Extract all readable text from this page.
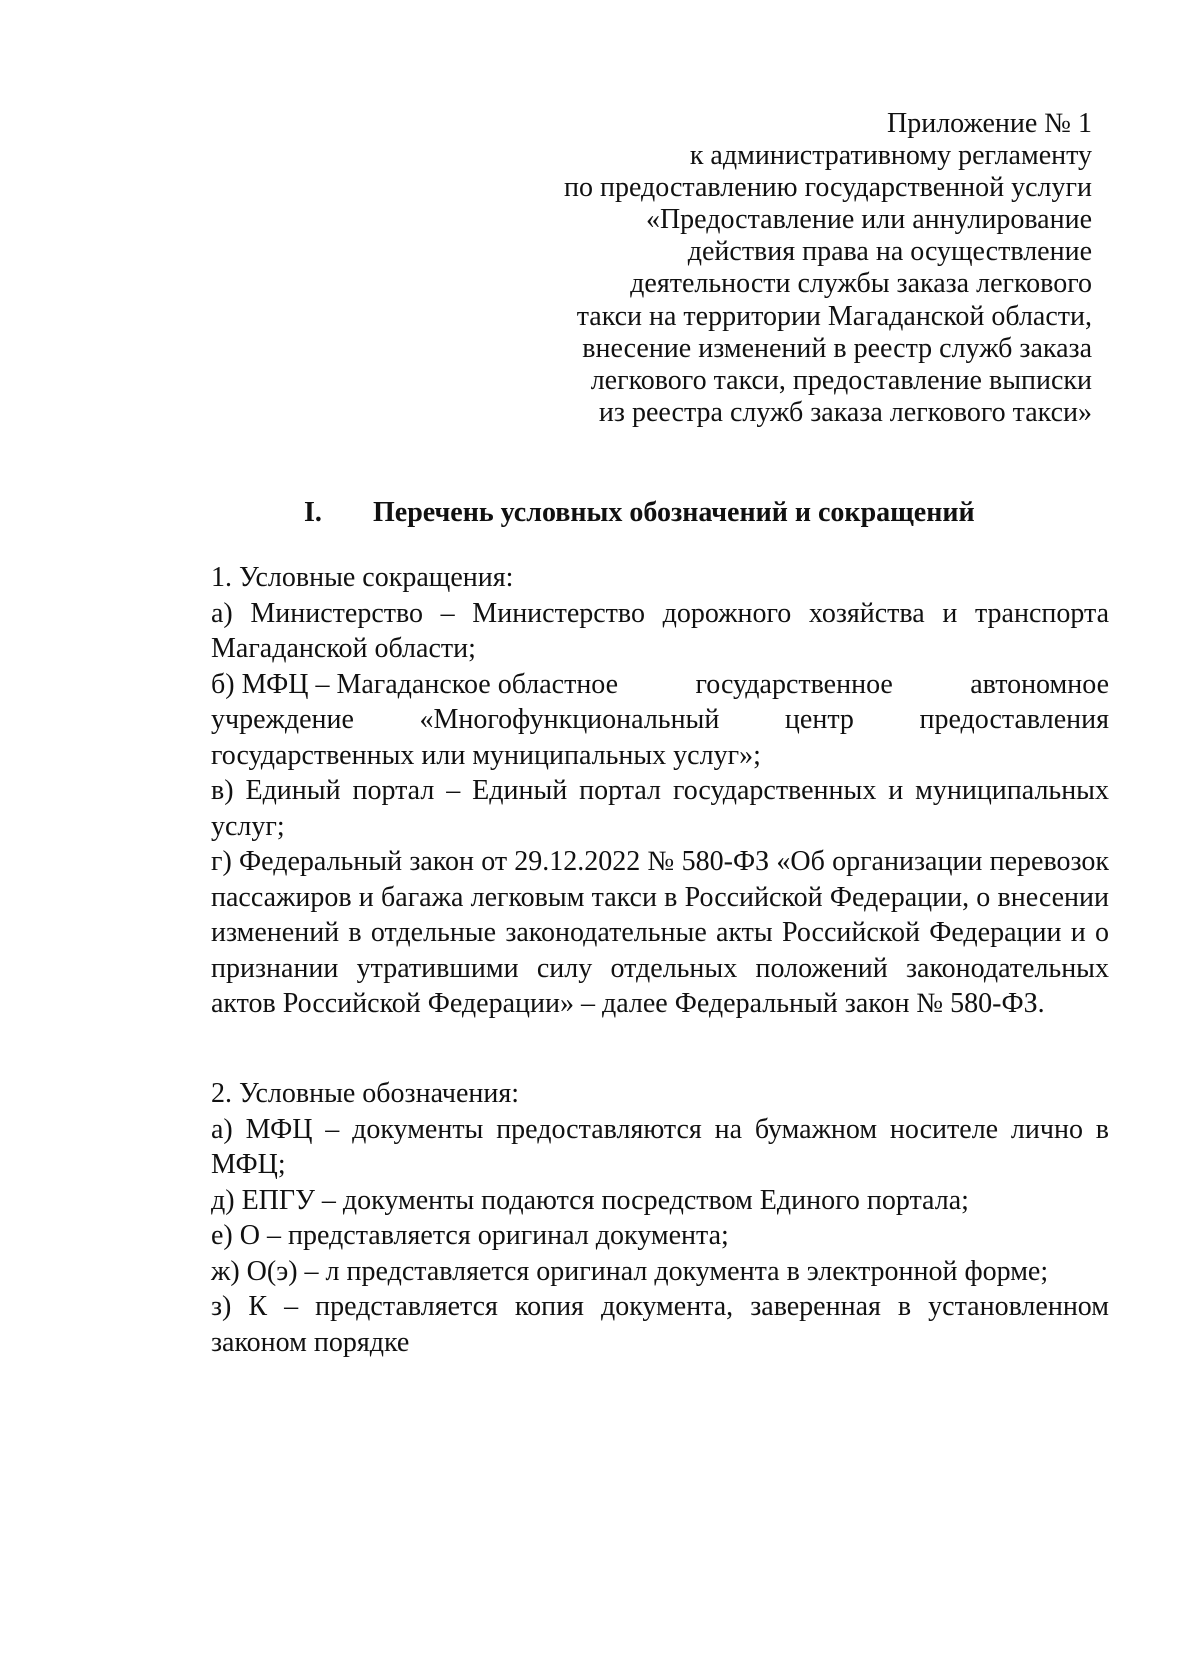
Приложение № 1
к административному регламенту
по предоставлению государственной услуги
«Предоставление или аннулирование
действия права на осуществление
деятельности службы заказа легкового
такси на территории Магаданской области,
внесение изменений в реестр служб заказа
легкового такси, предоставление выписки
из реестра служб заказа легкового такси»
I. Перечень условных обозначений и сокращений

1. Условные сокращения:

а) Министерство – Министерство дорожного хозяйства и транспорта Магаданской области;

б) МФЦ – Магаданское областное	государственное	автономное
учреждение «Многофункциональный центр предоставления
государственных или муниципальных услуг»;

в) Единый портал – Единый портал государственных и муниципальных услуг;

г) Федеральный закон от 29.12.2022 № 580-ФЗ «Об организации перевозок пассажиров и багажа легковым такси в Российской Федерации, о внесении изменений в отдельные законодательные акты Российской Федерации и о признании утратившими силу отдельных положений законодательных актов Российской Федерации» – далее Федеральный закон № 580-ФЗ.

2. Условные обозначения:

а) МФЦ – документы предоставляются на бумажном носителе лично в МФЦ;

д) ЕПГУ – документы подаются посредством Единого портала;

е) О – представляется оригинал документа;

ж) О(э) – л представляется оригинал документа в электронной форме;

з) К – представляется копия документа, заверенная в установленном законом порядке
